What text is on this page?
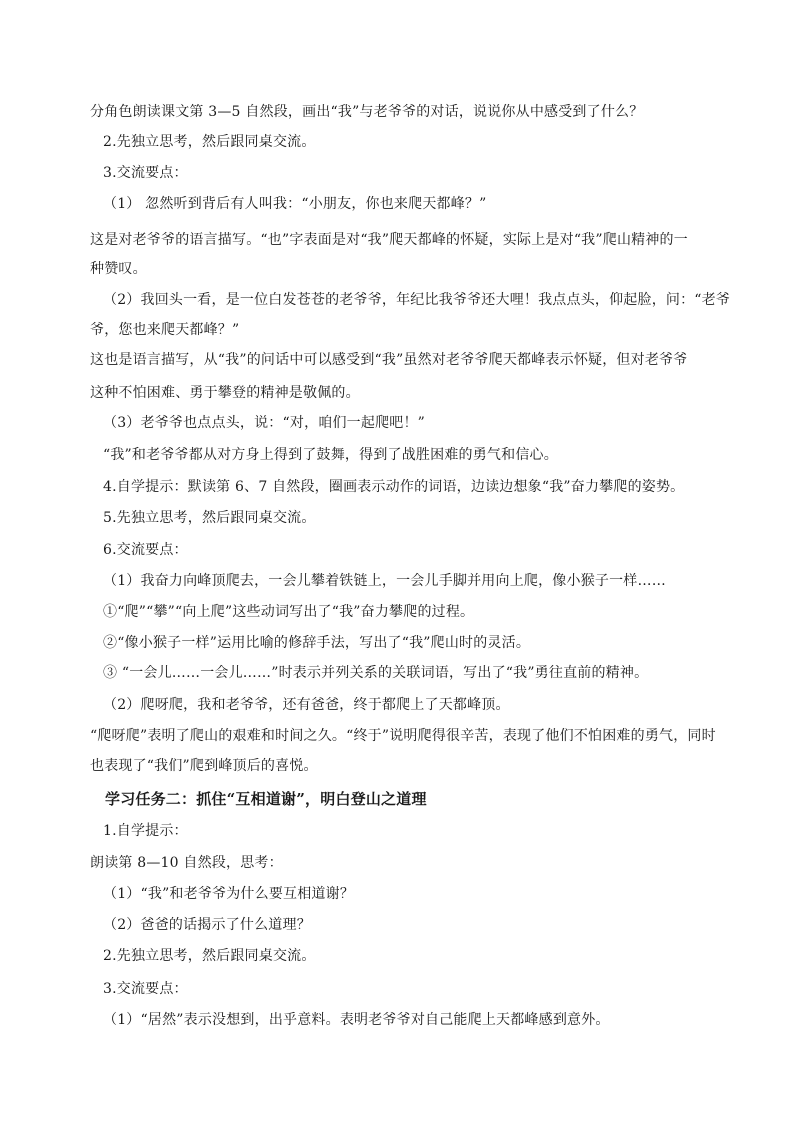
分角色朗读课文第 3—5 自然段，画出“我”与老爷爷的对话，说说你从中感受到了什么？
2.先独立思考，然后跟同桌交流。
3.交流要点：
（1） 忽然听到背后有人叫我：“小朋友，你也来爬天都峰？”
这是对老爷爷的语言描写。“也”字表面是对“我”爬天都峰的怀疑，实际上是对“我”爬山精神的一
种赞叹。
（2）我回头一看，是一位白发苍苍的老爷爷，年纪比我爷爷还大哩！我点点头，仰起脸，问：“老爷
爷，您也来爬天都峰？”
这也是语言描写，从“我”的问话中可以感受到“我”虽然对老爷爷爬天都峰表示怀疑，但对老爷爷
这种不怕困难、勇于攀登的精神是敬佩的。
（3）老爷爷也点点头，说：“对，咱们一起爬吧！”
“我”和老爷爷都从对方身上得到了鼓舞，得到了战胜困难的勇气和信心。
4.自学提示：默读第 6、7 自然段，圈画表示动作的词语，边读边想象“我”奋力攀爬的姿势。
5.先独立思考，然后跟同桌交流。
6.交流要点：
（1）我奋力向峰顶爬去，一会儿攀着铁链上，一会儿手脚并用向上爬，像小猴子一样……
①“爬”“攀”“向上爬”这些动词写出了“我”奋力攀爬的过程。
②“像小猴子一样”运用比喻的修辞手法，写出了“我”爬山时的灵活。
③ “一会儿……一会儿……”时表示并列关系的关联词语，写出了“我”勇往直前的精神。
（2）爬呀爬，我和老爷爷，还有爸爸，终于都爬上了天都峰顶。
“爬呀爬”表明了爬山的艰难和时间之久。“终于”说明爬得很辛苦，表现了他们不怕困难的勇气，同时
也表现了“我们”爬到峰顶后的喜悦。
学习任务二：抓住“互相道谢”，明白登山之道理
1.自学提示：
朗读第 8—10 自然段，思考：
（1）“我”和老爷爷为什么要互相道谢？
（2）爸爸的话揭示了什么道理？
2.先独立思考，然后跟同桌交流。
3.交流要点：
（1）“居然”表示没想到，出乎意料。表明老爷爷对自己能爬上天都峰感到意外。
